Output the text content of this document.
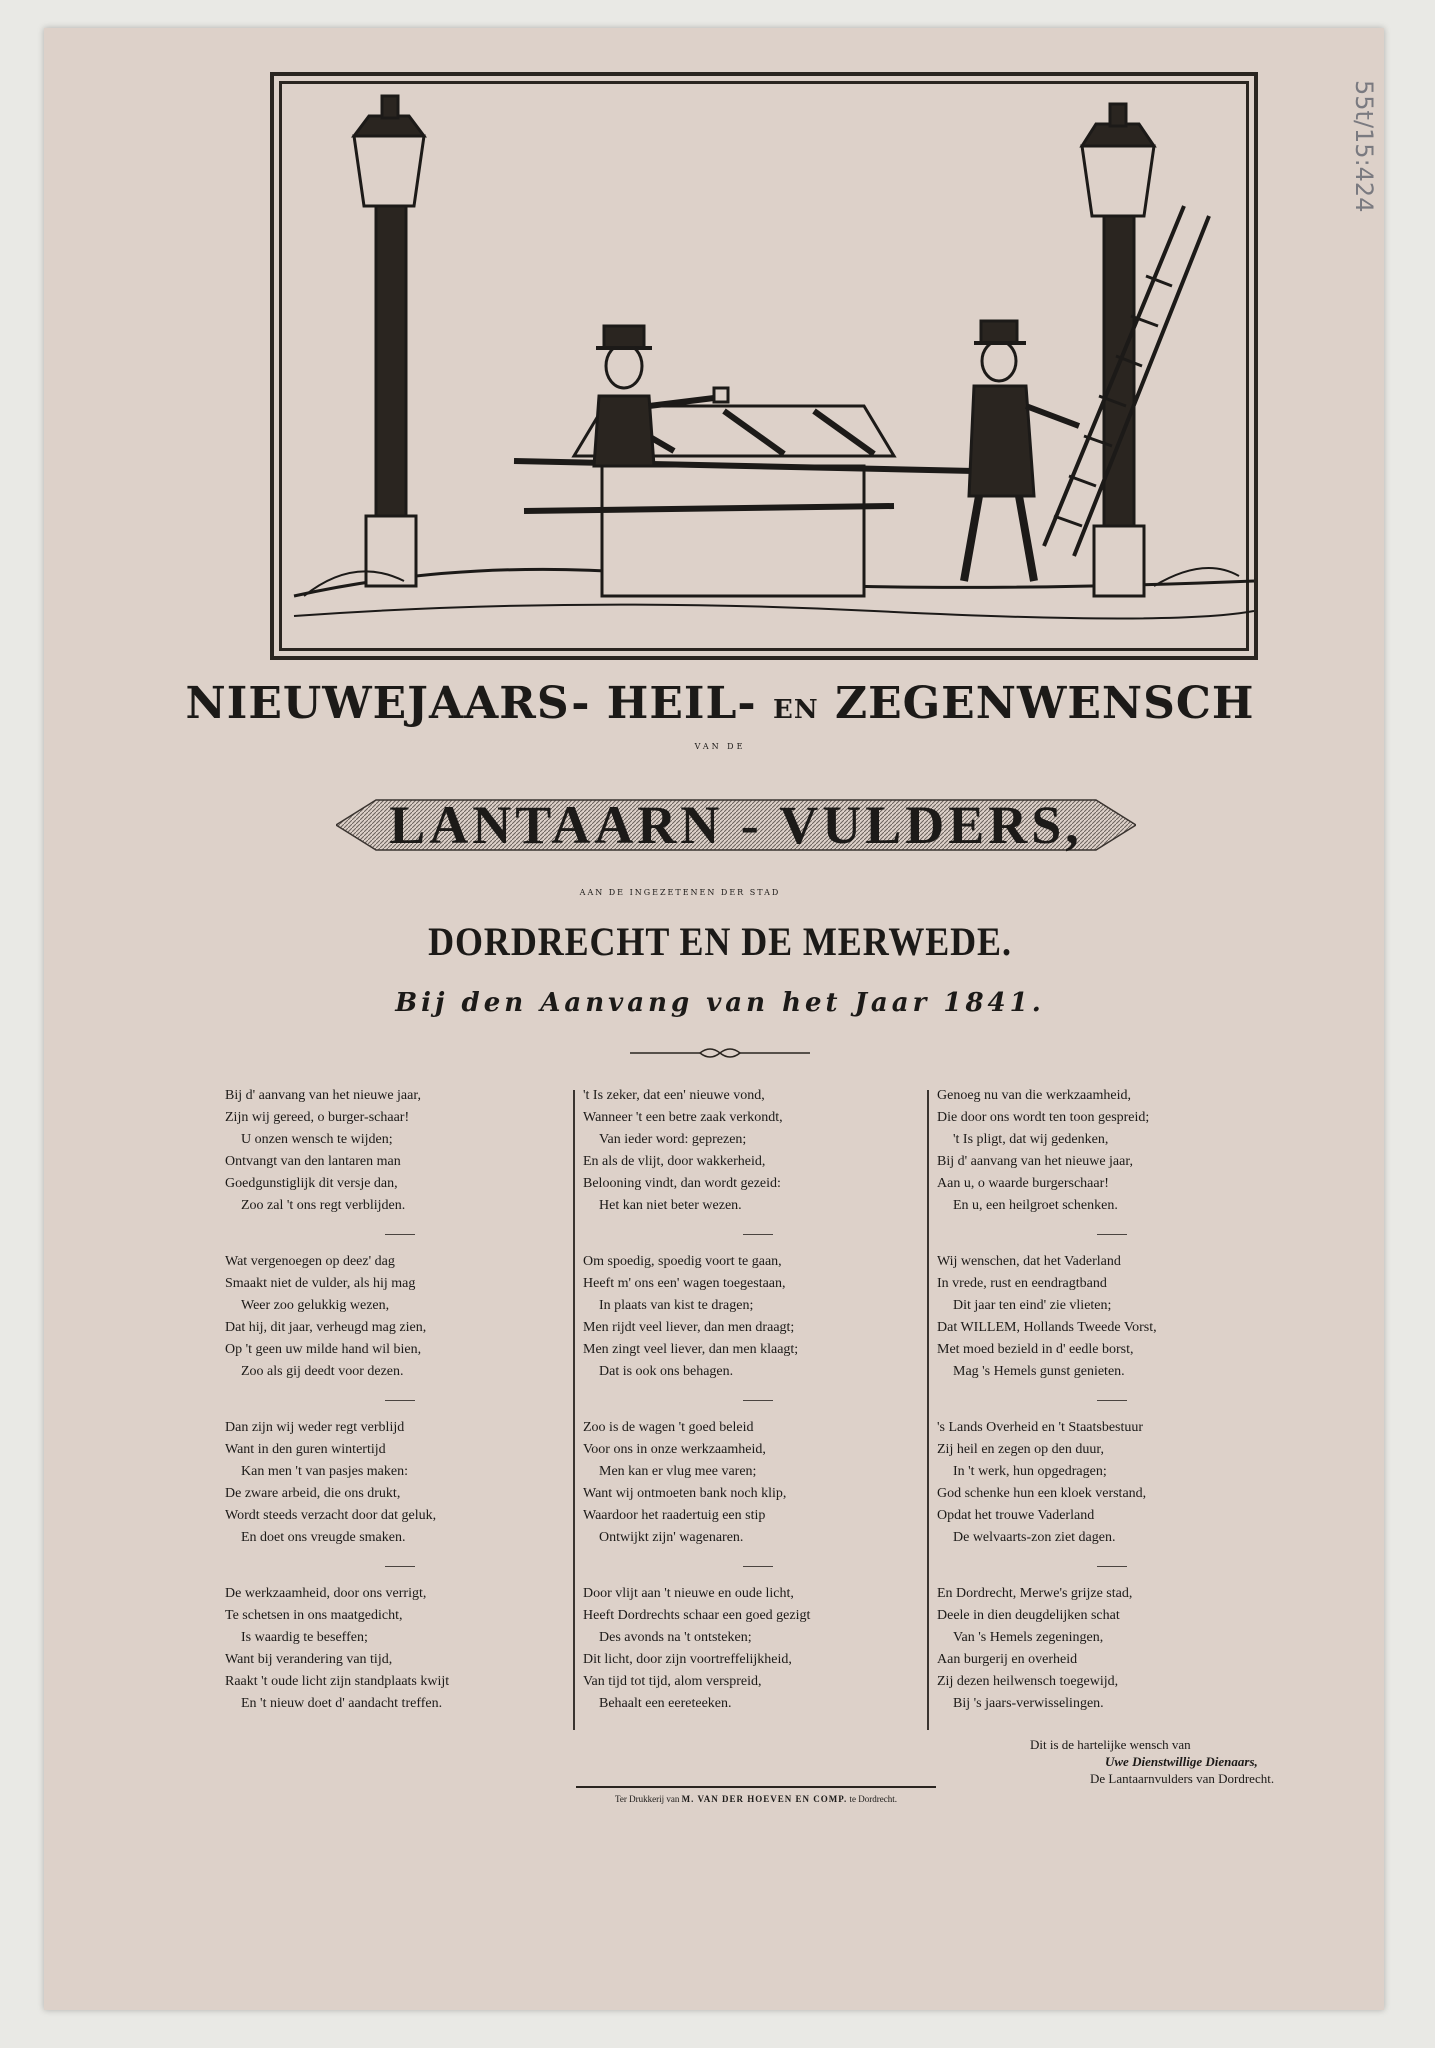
55t/15:424
NIEUWEJAARS- HEIL- EN ZEGENWENSCH
VAN DE
LANTAARN - VULDERS,
AAN DE INGEZETENEN DER STAD
DORDRECHT EN DE MERWEDE.
Bij den Aanvang van het Jaar 1841.
Bij d' aanvang van het nieuwe jaar,
Zijn wij gereed, o burger-schaar!
U onzen wensch te wijden;
Ontvangt van den lantaren man
Goedgunstiglijk dit versje dan,
Zoo zal 't ons regt verblijden.
Wat vergenoegen op deez' dag
Smaakt niet de vulder, als hij mag
Weer zoo gelukkig wezen,
Dat hij, dit jaar, verheugd mag zien,
Op 't geen uw milde hand wil bien,
Zoo als gij deedt voor dezen.
Dan zijn wij weder regt verblijd
Want in den guren wintertijd
Kan men 't van pasjes maken:
De zware arbeid, die ons drukt,
Wordt steeds verzacht door dat geluk,
En doet ons vreugde smaken.
De werkzaamheid, door ons verrigt,
Te schetsen in ons maatgedicht,
Is waardig te beseffen;
Want bij verandering van tijd,
Raakt 't oude licht zijn standplaats kwijt
En 't nieuw doet d' aandacht treffen.
't Is zeker, dat een' nieuwe vond,
Wanneer 't een betre zaak verkondt,
Van ieder word: geprezen;
En als de vlijt, door wakkerheid,
Belooning vindt, dan wordt gezeid:
Het kan niet beter wezen.
Om spoedig, spoedig voort te gaan,
Heeft m' ons een' wagen toegestaan,
In plaats van kist te dragen;
Men rijdt veel liever, dan men draagt;
Men zingt veel liever, dan men klaagt;
Dat is ook ons behagen.
Zoo is de wagen 't goed beleid
Voor ons in onze werkzaamheid,
Men kan er vlug mee varen;
Want wij ontmoeten bank noch klip,
Waardoor het raadertuig een stip
Ontwijkt zijn' wagenaren.
Door vlijt aan 't nieuwe en oude licht,
Heeft Dordrechts schaar een goed gezigt
Des avonds na 't ontsteken;
Dit licht, door zijn voortreffelijkheid,
Van tijd tot tijd, alom verspreid,
Behaalt een eereteeken.
Genoeg nu van die werkzaamheid,
Die door ons wordt ten toon gespreid;
't Is pligt, dat wij gedenken,
Bij d' aanvang van het nieuwe jaar,
Aan u, o waarde burgerschaar!
En u, een heilgroet schenken.
Wij wenschen, dat het Vaderland
In vrede, rust en eendragtband
Dit jaar ten eind' zie vlieten;
Dat WILLEM, Hollands Tweede Vorst,
Met moed bezield in d' eedle borst,
Mag 's Hemels gunst genieten.
's Lands Overheid en 't Staatsbestuur
Zij heil en zegen op den duur,
In 't werk, hun opgedragen;
God schenke hun een kloek verstand,
Opdat het trouwe Vaderland
De welvaarts-zon ziet dagen.
En Dordrecht, Merwe's grijze stad,
Deele in dien deugdelijken schat
Van 's Hemels zegeningen,
Aan burgerij en overheid
Zij dezen heilwensch toegewijd,
Bij 's jaars-verwisselingen.
Dit is de hartelijke wensch van
Uwe Dienstwillige Dienaars,
De Lantaarnvulders van Dordrecht.
Ter Drukkerij van M. VAN DER HOEVEN EN COMP. te Dordrecht.
